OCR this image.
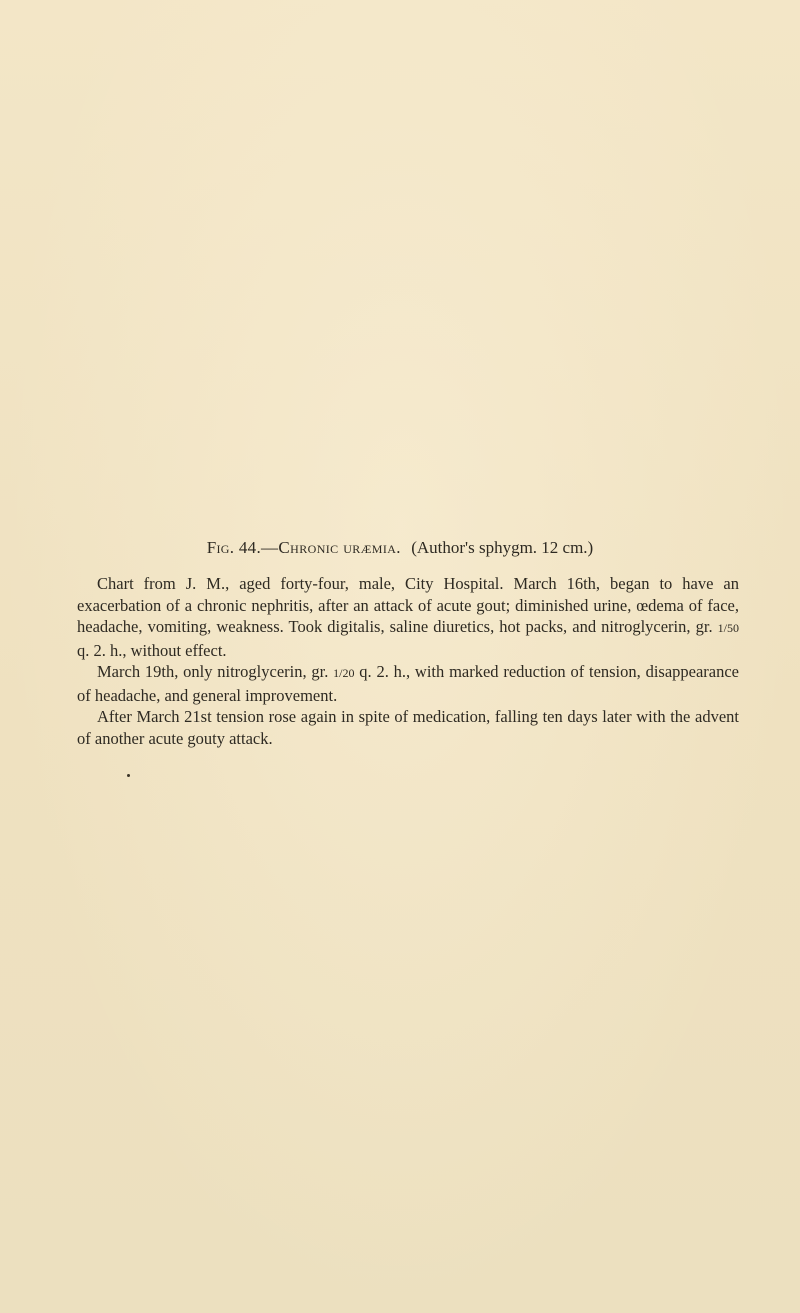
Fig. 44.—Chronic uræmia. (Author's sphygm. 12 cm.)

Chart from J. M., aged forty-four, male, City Hospital. March 16th, began to have an exacerbation of a chronic nephritis, after an attack of acute gout; diminished urine, œdema of face, headache, vomiting, weakness. Took digitalis, saline diuretics, hot packs, and nitroglycerin, gr. 1/50 q. 2. h., without effect.

March 19th, only nitroglycerin, gr. 1/20 q. 2. h., with marked reduction of tension, disappearance of headache, and general improvement.

After March 21st tension rose again in spite of medication, falling ten days later with the advent of another acute gouty attack.
